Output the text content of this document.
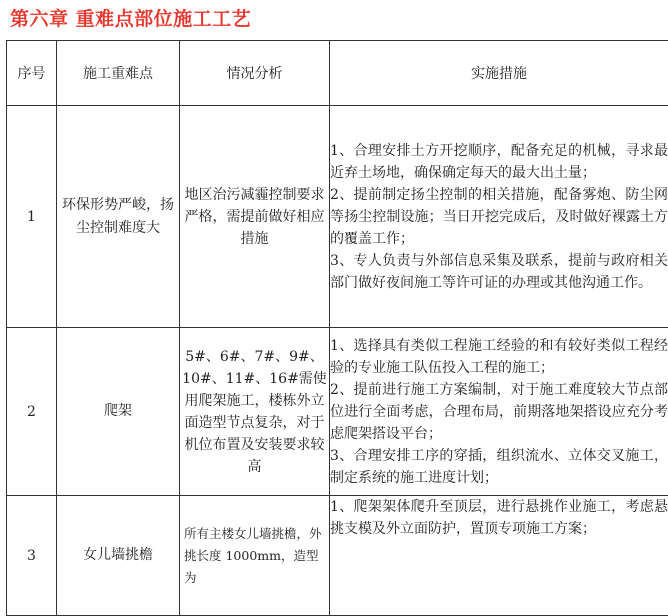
第六章 重难点部位施工工艺
序号	施工重难点	情况分析	实施措施
1	环保形势严峻，扬尘控制难度大	地区治污减霾控制要求严格，需提前做好相应措施	1、合理安排土方开挖顺序，配备充足的机械，寻求最近弃土场地，确保确定每天的最大出土量；
2、提前制定扬尘控制的相关措施，配备雾炮、防尘网等扬尘控制设施；当日开挖完成后，及时做好裸露土方的覆盖工作；
3、专人负责与外部信息采集及联系，提前与政府相关部门做好夜间施工等许可证的办理或其他沟通工作。

2	爬架	5#、6#、7#、9#、10#、11#、16#需使用爬架施工，楼栋外立面造型节点复杂，对于机位布置及安装要求较高	1、选择具有类似工程施工经验的和有较好类似工程经验的专业施工队伍投入工程的施工；
2、提前进行施工方案编制，对于施工难度较大节点部位进行全面考虑，合理布局，前期落地架搭设应充分考虑爬架搭设平台；
3、合理安排工序的穿插，组织流水、立体交叉施工，制定系统的施工进度计划；

3	女儿墙挑檐	所有主楼女儿墙挑檐，外挑长度 1000mm，造型为	1、爬架架体爬升至顶层，进行悬挑作业施工，考虑悬挑支模及外立面防护，置顶专项施工方案；
